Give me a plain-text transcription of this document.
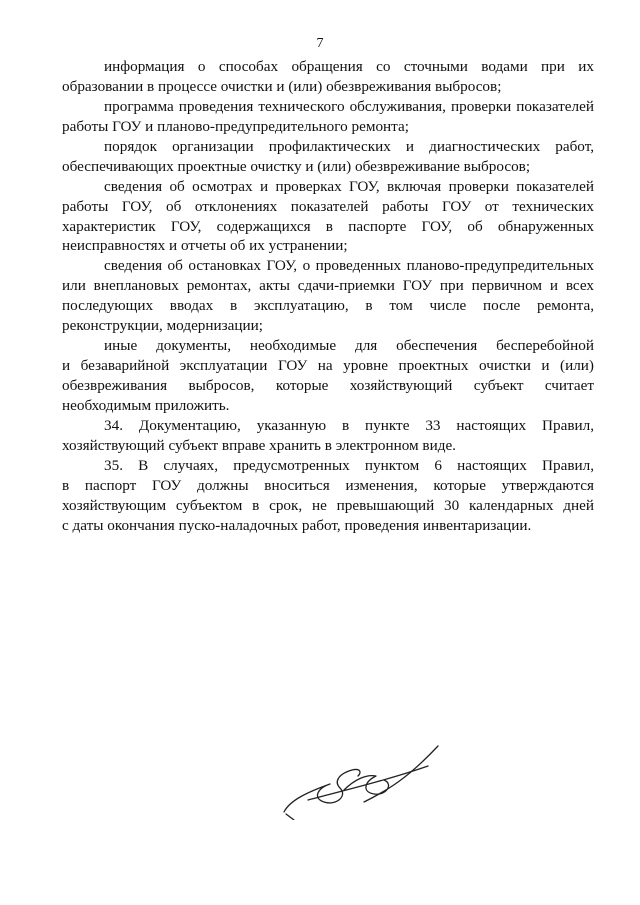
7
информация о способах обращения со сточными водами при их
образовании в процессе очистки и (или) обезвреживания выбросов;
программа проведения технического обслуживания, проверки показателей
работы ГОУ и планово-предупредительного ремонта;
порядок организации профилактических и диагностических работ,
обеспечивающих проектные очистку и (или) обезвреживание выбросов;
сведения об осмотрах и проверках ГОУ, включая проверки показателей
работы ГОУ, об отклонениях показателей работы ГОУ от технических
характеристик ГОУ, содержащихся в паспорте ГОУ, об обнаруженных
неисправностях и отчеты об их устранении;
сведения об остановках ГОУ, о проведенных планово-предупредительных
или внеплановых ремонтах, акты сдачи-приемки ГОУ при первичном и всех
последующих вводах в эксплуатацию, в том числе после ремонта,
реконструкции, модернизации;
иные документы, необходимые для обеспечения бесперебойной
и безаварийной эксплуатации ГОУ на уровне проектных очистки и (или)
обезвреживания выбросов, которые хозяйствующий субъект считает
необходимым приложить.
34. Документацию, указанную в пункте 33 настоящих Правил,
хозяйствующий субъект вправе хранить в электронном виде.
35. В случаях, предусмотренных пунктом 6 настоящих Правил,
в паспорт ГОУ должны вноситься изменения, которые утверждаются
хозяйствующим субъектом в срок, не превышающий 30 календарных дней
с даты окончания пуско-наладочных работ, проведения инвентаризации.
